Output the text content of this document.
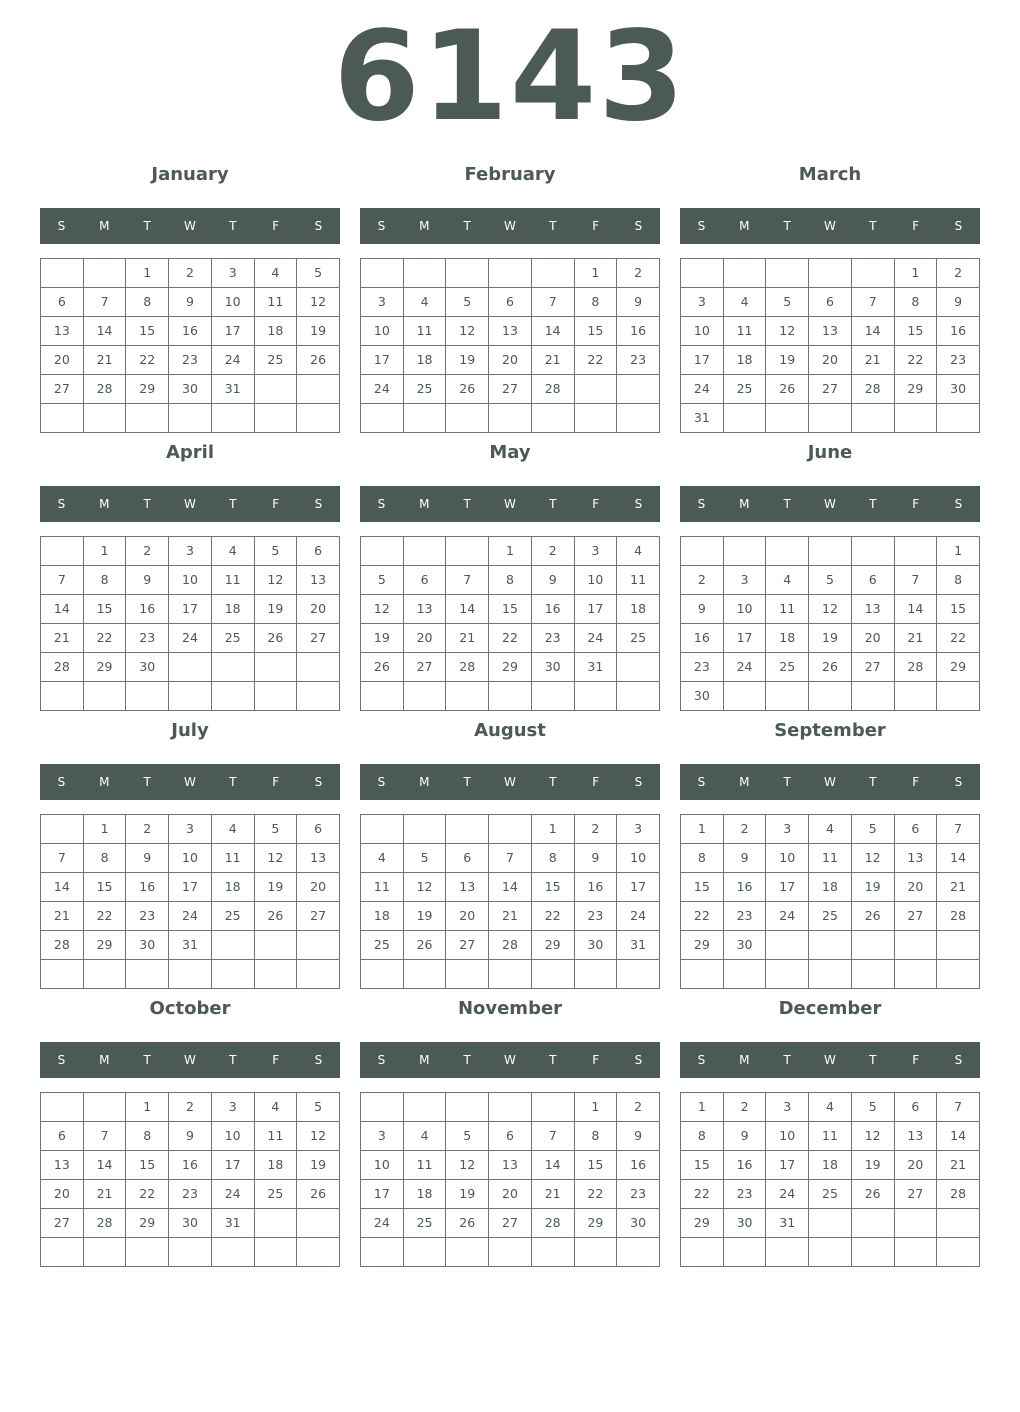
6143
January
S	M	T	W	T	F	S
		1	2	3	4	5
6	7	8	9	10	11	12
13	14	15	16	17	18	19
20	21	22	23	24	25	26
27	28	29	30	31		

February
S	M	T	W	T	F	S
					1	2
3	4	5	6	7	8	9
10	11	12	13	14	15	16
17	18	19	20	21	22	23
24	25	26	27	28		

March
S	M	T	W	T	F	S
					1	2
3	4	5	6	7	8	9
10	11	12	13	14	15	16
17	18	19	20	21	22	23
24	25	26	27	28	29	30
31						
April
S	M	T	W	T	F	S
	1	2	3	4	5	6
7	8	9	10	11	12	13
14	15	16	17	18	19	20
21	22	23	24	25	26	27
28	29	30				

May
S	M	T	W	T	F	S
			1	2	3	4
5	6	7	8	9	10	11
12	13	14	15	16	17	18
19	20	21	22	23	24	25
26	27	28	29	30	31	

June
S	M	T	W	T	F	S
						1
2	3	4	5	6	7	8
9	10	11	12	13	14	15
16	17	18	19	20	21	22
23	24	25	26	27	28	29
30						
July
S	M	T	W	T	F	S
	1	2	3	4	5	6
7	8	9	10	11	12	13
14	15	16	17	18	19	20
21	22	23	24	25	26	27
28	29	30	31			

August
S	M	T	W	T	F	S
				1	2	3
4	5	6	7	8	9	10
11	12	13	14	15	16	17
18	19	20	21	22	23	24
25	26	27	28	29	30	31

September
S	M	T	W	T	F	S
1	2	3	4	5	6	7
8	9	10	11	12	13	14
15	16	17	18	19	20	21
22	23	24	25	26	27	28
29	30					

October
S	M	T	W	T	F	S
		1	2	3	4	5
6	7	8	9	10	11	12
13	14	15	16	17	18	19
20	21	22	23	24	25	26
27	28	29	30	31		

November
S	M	T	W	T	F	S
					1	2
3	4	5	6	7	8	9
10	11	12	13	14	15	16
17	18	19	20	21	22	23
24	25	26	27	28	29	30

December
S	M	T	W	T	F	S
1	2	3	4	5	6	7
8	9	10	11	12	13	14
15	16	17	18	19	20	21
22	23	24	25	26	27	28
29	30	31				
